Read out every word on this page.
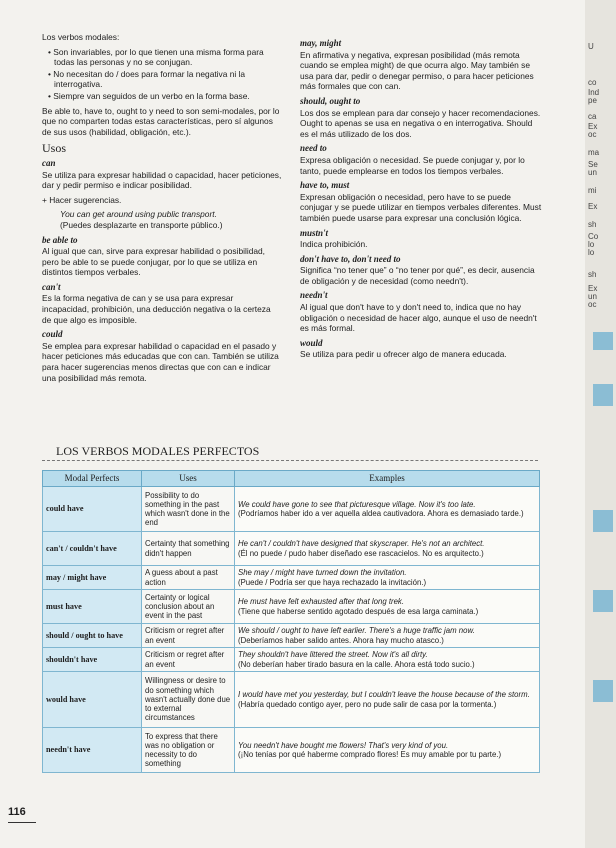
Los verbos modales:

• Son invariables, por lo que tienen una misma forma para todas las personas y no se conjugan.
• No necesitan do / does para formar la negativa ni la interrogativa.
• Siempre van seguidos de un verbo en la forma base.

Be able to, have to, ought to y need to son semi-modales, por lo que no comparten todas estas características, pero sí algunos de sus usos (habilidad, obligación, etc.).

Usos
can

Se utiliza para expresar habilidad o capacidad, hacer peticiones, dar y pedir permiso e indicar posibilidad.

+ Hacer sugerencias.

You can get around using public transport.
(Puedes desplazarte en transporte público.)
be able to

Al igual que can, sirve para expresar habilidad o posibilidad, pero be able to se puede conjugar, por lo que se utiliza en distintos tiempos verbales.

can't

Es la forma negativa de can y se usa para expresar incapacidad, prohibición, una deducción negativa o la certeza de que algo es imposible.

could

Se emplea para expresar habilidad o capacidad en el pasado y hacer peticiones más educadas que con can. También se utiliza para hacer sugerencias menos directas que con can e indicar una posibilidad más remota.

may, might

En afirmativa y negativa, expresan posibilidad (más remota cuando se emplea might) de que ocurra algo. May también se usa para dar, pedir o denegar permiso, o para hacer peticiones más formales que con can.

should, ought to

Los dos se emplean para dar consejo y hacer recomendaciones. Ought to apenas se usa en negativa o en interrogativa. Should es el más utilizado de los dos.

need to

Expresa obligación o necesidad. Se puede conjugar y, por lo tanto, puede emplearse en todos los tiempos verbales.

have to, must

Expresan obligación o necesidad, pero have to se puede conjugar y se puede utilizar en tiempos verbales diferentes. Must también puede usarse para expresar una conclusión lógica.

mustn't

Indica prohibición.

don't have to, don't need to

Significa “no tener que” o “no tener por qué”, es decir, ausencia de obligación y de necesidad (como needn't).

needn't

Al igual que don't have to y don't need to, indica que no hay obligación o necesidad de hacer algo, aunque el uso de needn't es más formal.

would

Se utiliza para pedir u ofrecer algo de manera educada.

LOS VERBOS MODALES PERFECTOS
Modal Perfects	Uses	Examples
could have	Possibility to do something in the past which wasn't done in the end	We could have gone to see that picturesque village. Now it's too late.
(Podríamos haber ido a ver aquella aldea cautivadora. Ahora es demasiado tarde.)

can't / couldn't have	Certainty that something didn't happen	He can't / couldn't have designed that skyscraper. He's not an architect.
(Él no puede / pudo haber diseñado ese rascacielos. No es arquitecto.)

may / might have	A guess about a past action	She may / might have turned down the invitation.
(Puede / Podría ser que haya rechazado la invitación.)

must have	Certainty or logical conclusion about an event in the past	He must have felt exhausted after that long trek.
(Tiene que haberse sentido agotado después de esa larga caminata.)

should / ought to have	Criticism or regret after an event	We should / ought to have left earlier. There's a huge traffic jam now.
(Deberíamos haber salido antes. Ahora hay mucho atasco.)

shouldn't have	Criticism or regret after an event	They shouldn't have littered the street. Now it's all dirty.
(No deberían haber tirado basura en la calle. Ahora está todo sucio.)

would have	Willingness or desire to do something which wasn't actually done due to external circumstances	I would have met you yesterday, but I couldn't leave the house because of the storm.
(Habría quedado contigo ayer, pero no pude salir de casa por la tormenta.)

needn't have	To express that there was no obligation or necessity to do something	You needn't have bought me flowers! That's very kind of you.
(¡No tenías por qué haberme comprado flores! Es muy amable por tu parte.)
116
U
co
Ind
pe
ca
Ex
oc
ma
Se
un
mi
Ex
sh
Co
lo
lo
sh
Ex
un
oc
